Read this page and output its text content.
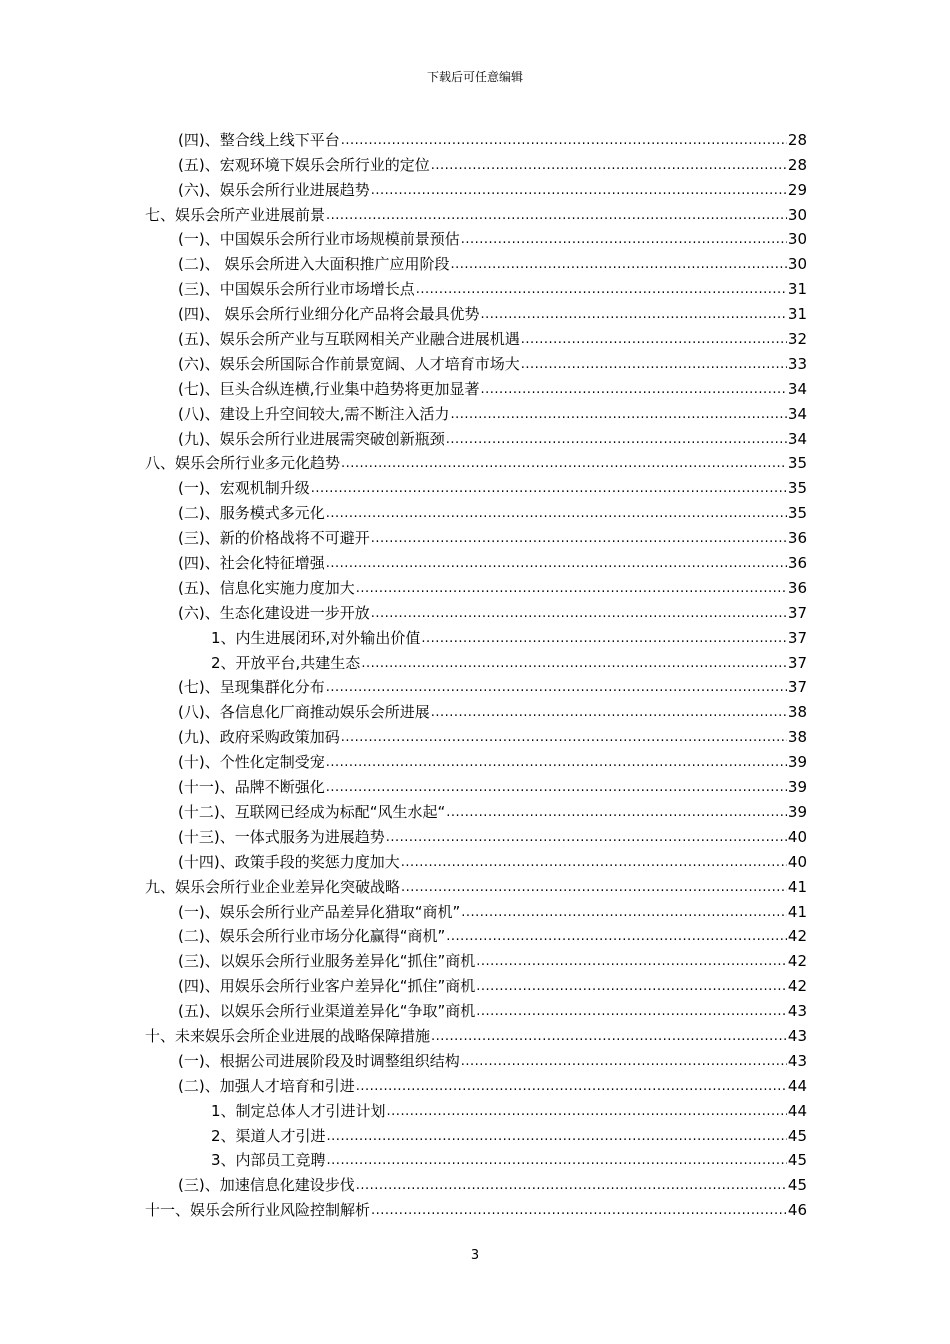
下载后可任意编辑
(四)、整合线上线下平台 .....	28
(五)、宏观环境下娱乐会所行业的定位 .....	28
(六)、娱乐会所行业进展趋势 .....	29
七、娱乐会所产业进展前景 .....	30
(一)、中国娱乐会所行业市场规模前景预估 .....	30
(二)、 娱乐会所进入大面积推广应用阶段 .....	30
(三)、中国娱乐会所行业市场增长点 .....	31
(四)、 娱乐会所行业细分化产品将会最具优势 .....	31
(五)、娱乐会所产业与互联网相关产业融合进展机遇 .....	32
(六)、娱乐会所国际合作前景宽阔、人才培育市场大 .....	33
(七)、巨头合纵连横,行业集中趋势将更加显著 .....	34
(八)、建设上升空间较大,需不断注入活力 .....	34
(九)、娱乐会所行业进展需突破创新瓶颈 .....	34
八、娱乐会所行业多元化趋势 .....	35
(一)、宏观机制升级 .....	35
(二)、服务模式多元化 .....	35
(三)、新的价格战将不可避开 .....	36
(四)、社会化特征增强 .....	36
(五)、信息化实施力度加大 .....	36
(六)、生态化建设进一步开放 .....	37
1、内生进展闭环,对外输出价值 .....	37
2、开放平台,共建生态 .....	37
(七)、呈现集群化分布 .....	37
(八)、各信息化厂商推动娱乐会所进展 .....	38
(九)、政府采购政策加码 .....	38
(十)、个性化定制受宠 .....	39
(十一)、品牌不断强化 .....	39
(十二)、互联网已经成为标配“风生水起“ .....	39
(十三)、一体式服务为进展趋势 .....	40
(十四)、政策手段的奖惩力度加大 .....	40
九、娱乐会所行业企业差异化突破战略 .....	41
(一)、娱乐会所行业产品差异化猎取“商机” .....	41
(二)、娱乐会所行业市场分化赢得“商机” .....	42
(三)、以娱乐会所行业服务差异化“抓住”商机 .....	42
(四)、用娱乐会所行业客户差异化“抓住”商机 .....	42
(五)、以娱乐会所行业渠道差异化“争取”商机 .....	43
十、未来娱乐会所企业进展的战略保障措施 .....	43
(一)、根据公司进展阶段及时调整组织结构 .....	43
(二)、加强人才培育和引进 .....	44
1、制定总体人才引进计划 .....	44
2、渠道人才引进 .....	45
3、内部员工竞聘 .....	45
(三)、加速信息化建设步伐 .....	45
十一、娱乐会所行业风险控制解析 .....	46
3
